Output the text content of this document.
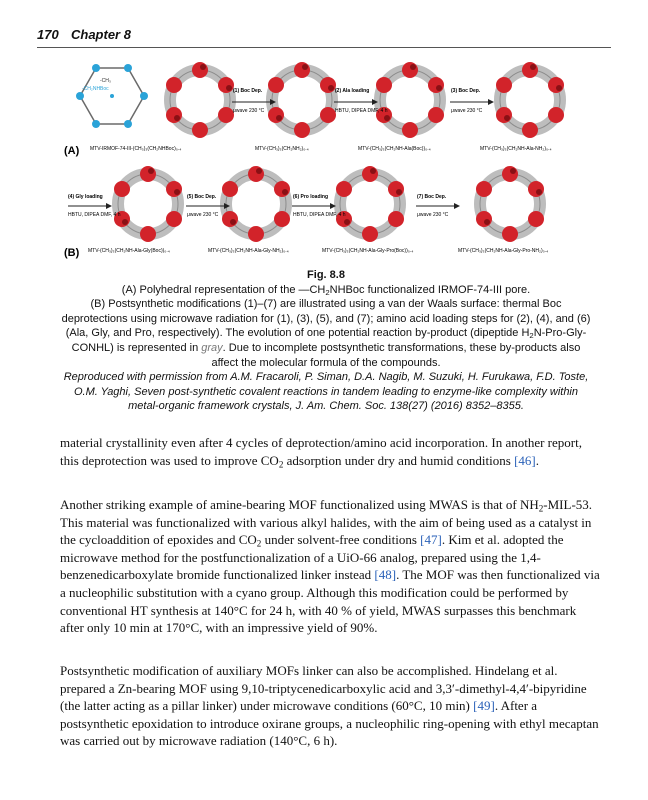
170 Chapter 8
-CH₃
-CH₂NHBoc	(1) Boc Dep.
μwave 230 °C
(2) Ala loading
HBTU, DIPEA DMF, 4 h
(3) Boc Dep.
μwave 230 °C
(A) MTV-IRMOF-74-III-(CH₃)₃(CH₂NHBoc)₀.₄	MTV-(CH₃)₃(CH₂NH₂)₀.₄	MTV-(CH₃)₃(CH₂NH-Ala(Boc))₀.₄	MTV-(CH₃)₃(CH₂NH-Ala-NH₂)₀.₄
(4) Gly loading
HBTU, DIPEA DMF, 4 h
(5) Boc Dep.
μwave 230 °C
(6) Pro loading
HBTU, DIPEA DMF, 4 h
(7) Boc Dep.
μwave 230 °C
(B) MTV-(CH₃)₃(CH₂NH-Ala-Gly(Boc))₀.₄	MTV-(CH₃)₃(CH₂NH-Ala-Gly-NH₂)₀.₄	MTV-(CH₃)₃(CH₂NH-Ala-Gly-Pro(Boc))₀.₄	MTV-(CH₃)₃(CH₂NH-Ala-Gly-Pro-NH₂)₀.₄
Fig. 8.8
(A) Polyhedral representation of the $—CH_2NHBoc$ functionalized IRMOF-74-III pore.
(B) Postsynthetic modifications (1)–(7) are illustrated using a van der Waals surface: thermal Boc deprotections using microwave radiation for (1), (3), (5), and (7); amino acid loading steps for (2), (4), and (6) (Ala, Gly, and Pro, respectively). The evolution of one potential reaction by-product (dipeptide $H_2N-Pro-Gly-CONHL$) is represented in gray. Due to incomplete postsynthetic transformations, these by-products also affect the molecular formula of the compounds.
Reproduced with permission from A.M. Fracaroli, P. Siman, D.A. Nagib, M. Suzuki, H. Furukawa, F.D. Toste, O.M. Yaghi, Seven post-synthetic covalent reactions in tandem leading to enzyme-like complexity within metal-organic framework crystals, J. Am. Chem. Soc. 138(27) (2016) 8352–8355.

material crystallinity even after 4 cycles of deprotection/amino acid incorporation. In another report, this deprotection was used to improve $CO_2$ adsorption under dry and humid conditions [46].

Another striking example of amine-bearing MOF functionalized using MWAS is that of $NH_2-MIL-53$. This material was functionalized with various alkyl halides, with the aim of being used as a catalyst in the cycloaddition of epoxides and $CO_2$ under solvent-free conditions [47]. Kim et al. adopted the microwave method for the postfunctionalization of a UiO-66 analog, prepared using the 1,4-benzenedicarboxylate bromide functionalized linker instead [48]. The MOF was then functionalized via a nucleophilic substitution with a cyano group. Although this modification could be performed by conventional HT synthesis at 140°C for 24 h, with 40 % of yield, MWAS surpasses this benchmark after only 10 min at 170°C, with an impressive yield of 90%.

Postsynthetic modification of auxiliary MOFs linker can also be accomplished. Hindelang et al. prepared a Zn-bearing MOF using 9,10-triptycenedicarboxylic acid and 3,3′-dimethyl-4,4′-bipyridine (the latter acting as a pillar linker) under microwave conditions (60°C, 10 min) [49]. After a postsynthetic epoxidation to introduce oxirane groups, a nucleophilic ring-opening with ethyl mecaptan was carried out by microwave radiation (140°C, 6 h).
